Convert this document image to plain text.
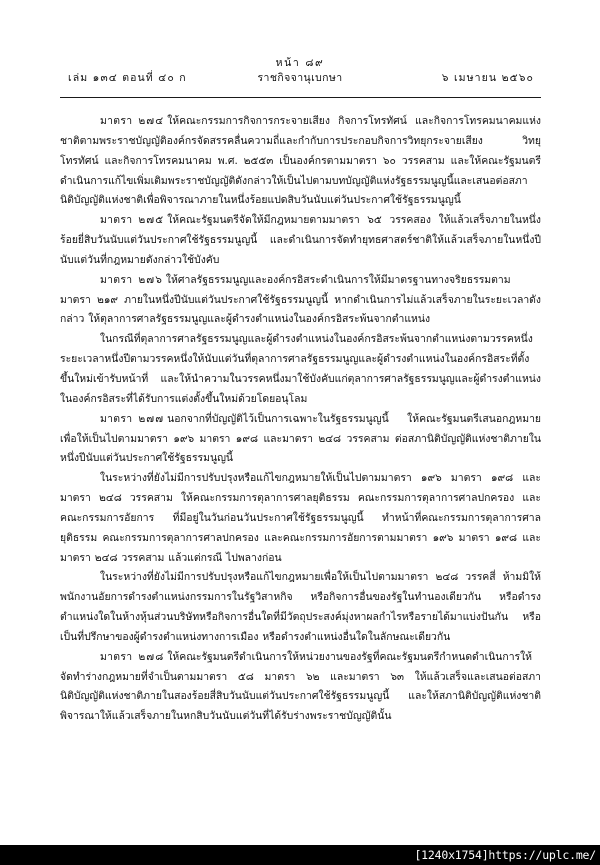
หน้า ๘๙
ราชกิจจานุเบกษา
เล่ม ๑๓๔ ตอนที่ ๔๐ ก	๖ เมษายน ๒๕๖๐

มาตรา ๒๗๔ ให้คณะกรรมการกิจการกระจายเสียง กิจการโทรทัศน์ และกิจการโทรคมนาคมแห่งชาติตามพระราชบัญญัติองค์กรจัดสรรคลื่นความถี่และกำกับการประกอบกิจการวิทยุกระจายเสียง วิทยุโทรทัศน์ และกิจการโทรคมนาคม พ.ศ. ๒๕๕๓ เป็นองค์กรตามมาตรา ๖๐ วรรคสาม และให้คณะรัฐมนตรีดำเนินการแก้ไขเพิ่มเติมพระราชบัญญัติดังกล่าวให้เป็นไปตามบทบัญญัติแห่งรัฐธรรมนูญนี้และเสนอต่อสภานิติบัญญัติแห่งชาติเพื่อพิจารณาภายในหนึ่งร้อยแปดสิบวันนับแต่วันประกาศใช้รัฐธรรมนูญนี้

มาตรา ๒๗๕ ให้คณะรัฐมนตรีจัดให้มีกฎหมายตามมาตรา ๖๕ วรรคสอง ให้แล้วเสร็จภายในหนึ่งร้อยยี่สิบวันนับแต่วันประกาศใช้รัฐธรรมนูญนี้ และดำเนินการจัดทำยุทธศาสตร์ชาติให้แล้วเสร็จภายในหนึ่งปีนับแต่วันที่กฎหมายดังกล่าวใช้บังคับ

มาตรา ๒๗๖ ให้ศาลรัฐธรรมนูญและองค์กรอิสระดำเนินการให้มีมาตรฐานทางจริยธรรมตามมาตรา ๒๑๙ ภายในหนึ่งปีนับแต่วันประกาศใช้รัฐธรรมนูญนี้ หากดำเนินการไม่แล้วเสร็จภายในระยะเวลาดังกล่าว ให้ตุลาการศาลรัฐธรรมนูญและผู้ดำรงตำแหน่งในองค์กรอิสระพ้นจากตำแหน่ง

ในกรณีที่ตุลาการศาลรัฐธรรมนูญและผู้ดำรงตำแหน่งในองค์กรอิสระพ้นจากตำแหน่งตามวรรคหนึ่ง ระยะเวลาหนึ่งปีตามวรรคหนึ่งให้นับแต่วันที่ตุลาการศาลรัฐธรรมนูญและผู้ดำรงตำแหน่งในองค์กรอิสระที่ตั้งขึ้นใหม่เข้ารับหน้าที่ และให้นำความในวรรคหนึ่งมาใช้บังคับแก่ตุลาการศาลรัฐธรรมนูญและผู้ดำรงตำแหน่งในองค์กรอิสระที่ได้รับการแต่งตั้งขึ้นใหม่ด้วยโดยอนุโลม

มาตรา ๒๗๗ นอกจากที่บัญญัติไว้เป็นการเฉพาะในรัฐธรรมนูญนี้ ให้คณะรัฐมนตรีเสนอกฎหมายเพื่อให้เป็นไปตามมาตรา ๑๙๖ มาตรา ๑๙๘ และมาตรา ๒๔๘ วรรคสาม ต่อสภานิติบัญญัติแห่งชาติภายในหนึ่งปีนับแต่วันประกาศใช้รัฐธรรมนูญนี้

ในระหว่างที่ยังไม่มีการปรับปรุงหรือแก้ไขกฎหมายให้เป็นไปตามมาตรา ๑๙๖ มาตรา ๑๙๘ และมาตรา ๒๔๘ วรรคสาม ให้คณะกรรมการตุลาการศาลยุติธรรม คณะกรรมการตุลาการศาลปกครอง และคณะกรรมการอัยการ ที่มีอยู่ในวันก่อนวันประกาศใช้รัฐธรรมนูญนี้ ทำหน้าที่คณะกรรมการตุลาการศาลยุติธรรม คณะกรรมการตุลาการศาลปกครอง และคณะกรรมการอัยการตามมาตรา ๑๙๖ มาตรา ๑๙๘ และมาตรา ๒๔๘ วรรคสาม แล้วแต่กรณี ไปพลางก่อน

ในระหว่างที่ยังไม่มีการปรับปรุงหรือแก้ไขกฎหมายเพื่อให้เป็นไปตามมาตรา ๒๔๘ วรรคสี่ ห้ามมิให้พนักงานอัยการดำรงตำแหน่งกรรมการในรัฐวิสาหกิจ หรือกิจการอื่นของรัฐในทำนองเดียวกัน หรือดำรงตำแหน่งใดในห้างหุ้นส่วนบริษัทหรือกิจการอื่นใดที่มีวัตถุประสงค์มุ่งหาผลกำไรหรือรายได้มาแบ่งปันกัน หรือเป็นที่ปรึกษาของผู้ดำรงตำแหน่งทางการเมือง หรือดำรงตำแหน่งอื่นใดในลักษณะเดียวกัน

มาตรา ๒๗๘ ให้คณะรัฐมนตรีดำเนินการให้หน่วยงานของรัฐที่คณะรัฐมนตรีกำหนดดำเนินการให้จัดทำร่างกฎหมายที่จำเป็นตามมาตรา ๕๘ มาตรา ๖๒ และมาตรา ๖๓ ให้แล้วเสร็จและเสนอต่อสภานิติบัญญัติแห่งชาติภายในสองร้อยสี่สิบวันนับแต่วันประกาศใช้รัฐธรรมนูญนี้ และให้สภานิติบัญญัติแห่งชาติพิจารณาให้แล้วเสร็จภายในหกสิบวันนับแต่วันที่ได้รับร่างพระราชบัญญัตินั้น

[1240x1754]https://uplc.me/
